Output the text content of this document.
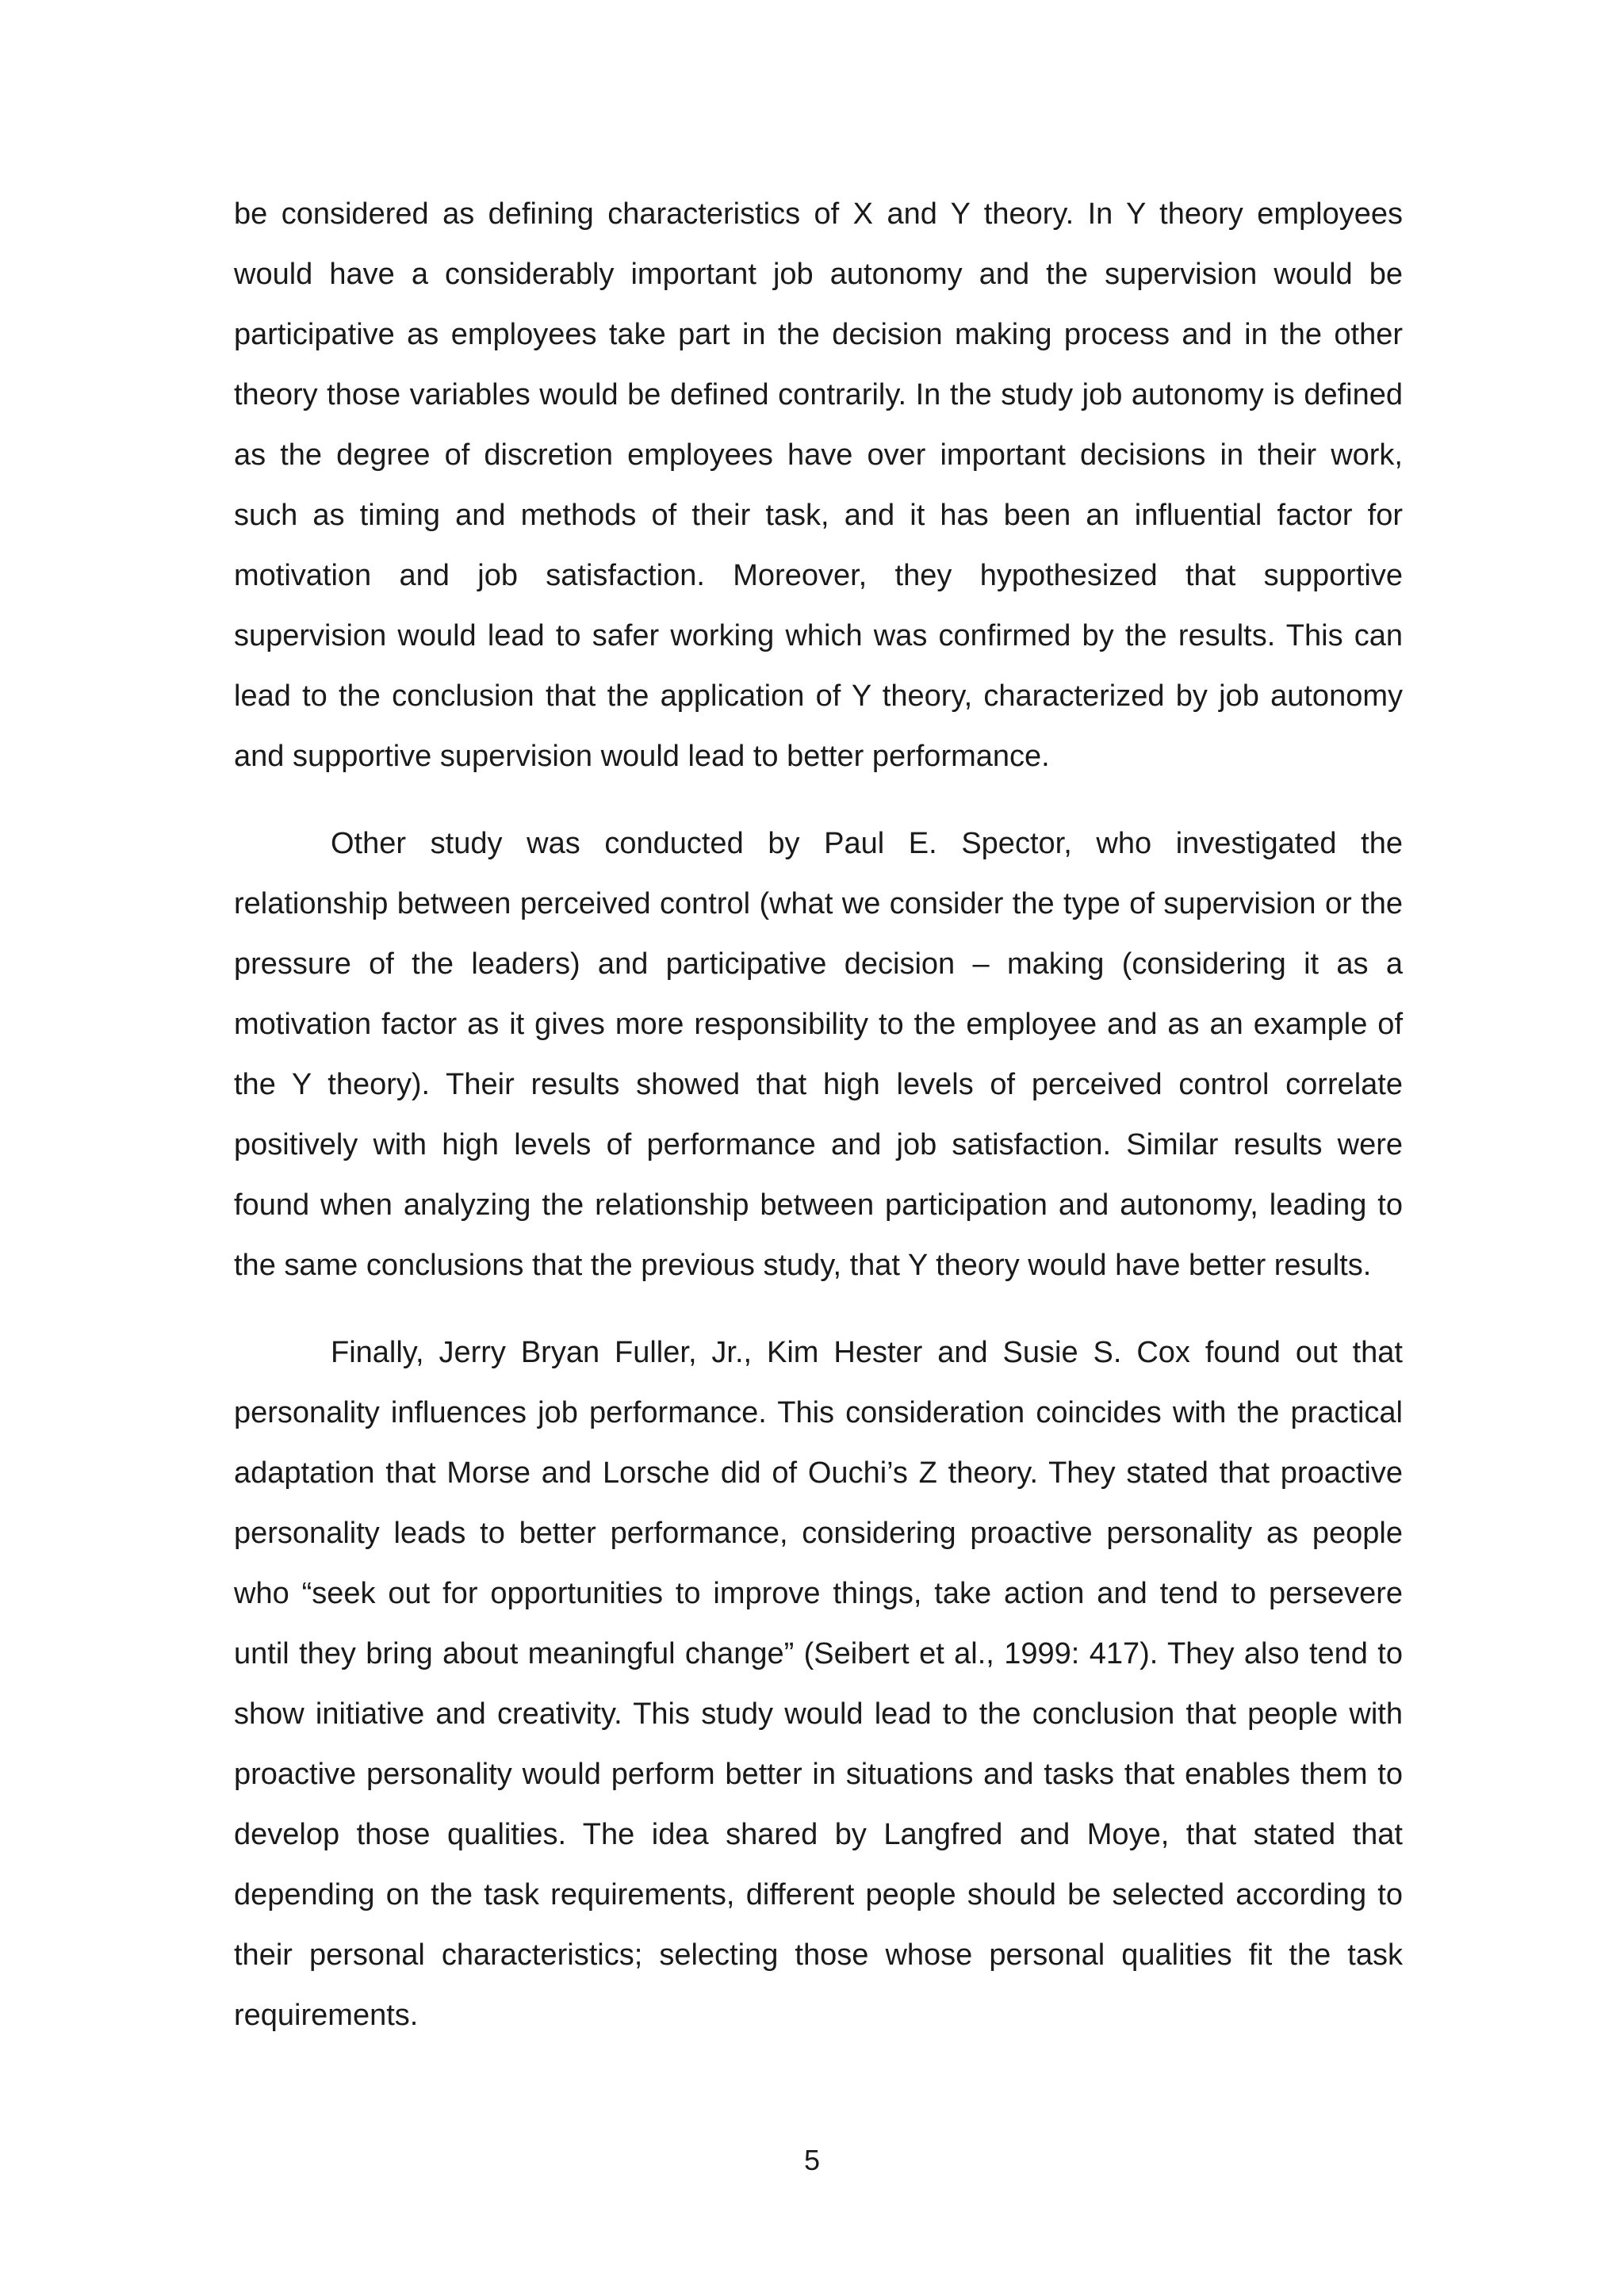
be considered as defining characteristics of X and Y theory. In Y theory employees would have a considerably important job autonomy and the supervision would be participative as employees take part in the decision making process and in the other theory those variables would be defined contrarily. In the study job autonomy is defined as the degree of discretion employees have over important decisions in their work, such as timing and methods of their task, and it has been an influential factor for motivation and job satisfaction. Moreover, they hypothesized that supportive supervision would lead to safer working which was confirmed by the results. This can lead to the conclusion that the application of Y theory, characterized by job autonomy and supportive supervision would lead to better performance.

Other study was conducted by Paul E. Spector, who investigated the relationship between perceived control (what we consider the type of supervision or the pressure of the leaders) and participative decision – making (considering it as a motivation factor as it gives more responsibility to the employee and as an example of the Y theory). Their results showed that high levels of perceived control correlate positively with high levels of performance and job satisfaction. Similar results were found when analyzing the relationship between participation and autonomy, leading to the same conclusions that the previous study, that Y theory would have better results.

Finally, Jerry Bryan Fuller, Jr., Kim Hester and Susie S. Cox found out that personality influences job performance. This consideration coincides with the practical adaptation that Morse and Lorsche did of Ouchi’s Z theory. They stated that proactive personality leads to better performance, considering proactive personality as people who “seek out for opportunities to improve things, take action and tend to persevere until they bring about meaningful change” (Seibert et al., 1999: 417). They also tend to show initiative and creativity. This study would lead to the conclusion that people with proactive personality would perform better in situations and tasks that enables them to develop those qualities. The idea shared by Langfred and Moye, that stated that depending on the task requirements, different people should be selected according to their personal characteristics; selecting those whose personal qualities fit the task requirements.

5
